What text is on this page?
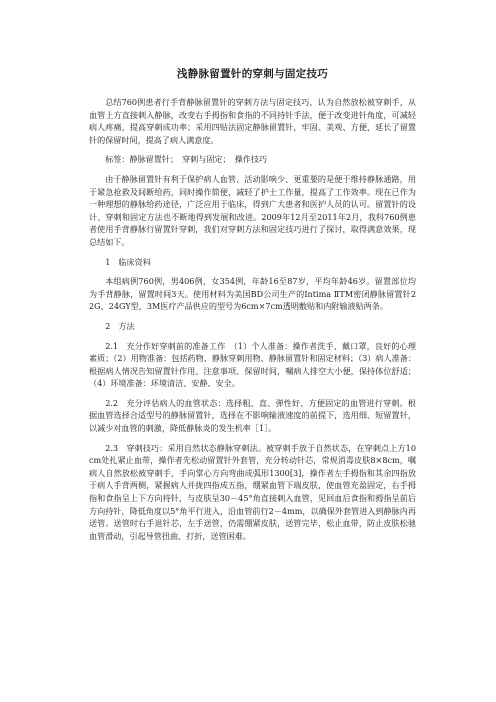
浅静脉留置针的穿刺与固定技巧

总结760例患者行手背静脉留置针的穿刺方法与固定技巧，认为自然放松被穿刺手，从血管上方直接刺入静脉，改变右手拇指和食指的不同持针手法，便于改变进针角度，可减轻病人疼痛，提高穿刺成功率；采用四贴法固定静脉留置针，牢固、美观、方便，延长了留置针的保留时间，提高了病人满意度。

标签：静脉留置针；　穿刺与固定；　操作技巧

由于静脉留置针有利于保护病人血管、活动影响少、更重要的是便于维持静脉通路，用于紧急抢救及间断给药，同时操作简便，减轻了护士工作量，提高了工作效率。现在已作为一种理想的静脉给药途径，广泛应用于临床，得到广大患者和医护人员的认可。留置针的设计、穿刺和固定方法也不断地得到发展和改进。2009年12月至2011年2月，我科760例患者使用手背静脉行留置针穿刺，我们对穿刺方法和固定技巧进行了探讨，取得满意效果，现总结如下。

1　临床资料

本组病例760例，男406例，女354例，年龄16至87岁，平均年龄46岁。留置部位均为手背静脉，留置时间3天。使用材料为美国BD公司生产的Intima ⅡTM密闭静脉留置针22G、24GY型，3M医疗产品供应的型号为6cm×7cm透明敷贴和内附输液贴两条。

2　方法

2.1　充分作好穿刺前的准备工作　（1）个人准备：操作者洗手、戴口罩，良好的心理素质；（2）用物准备：包括药物、静脉穿刺用物、静脉留置针和固定材料；（3）病人准备：根据病人情况告知留置针作用、注意事项、保留时间，嘱病人排空大小便，保持体位舒适；（4）环境准备：环境清洁、安静、安全。

2.2　充分评估病人的血管状态：选择粗、直、弹性好、方便固定的血管进行穿刺。根据血管选择合适型号的静脉留置针，选择在不影响输液速度的前提下，选用细、短留置针，以减少对血管的刺激，降低静脉炎的发生机率［1］。

2.3　穿刺技巧：采用自然状态静脉穿刺法。被穿刺手放于自然状态，在穿刺点上方10cm处扎紧止血带，操作者先松动留置针外套管，充分转动针芯，常规消毒皮肤8×8cm，嘱病人自然放松被穿刺手，手向掌心方向弯曲成弧形1300[3]，操作者左手拇指和其余四指放于病人手背两侧，紧握病人并拢四指成五指，绷紧血管下端皮肤，使血管充盈固定，右手拇指和食指呈上下方向持针，与皮肤呈30－45°角直接刺入血管，见回血后食指和拇指呈前后方向持针，降低角度以5°角平行进入，沿血管前行2－4mm，以确保外套管进入到静脉内再送管。送管时右手退针芯，左手送管，仍需绷紧皮肤，送管完毕，松止血带，防止皮肤松驰血管滑动，引起导管扭曲、打折，送管困难。
